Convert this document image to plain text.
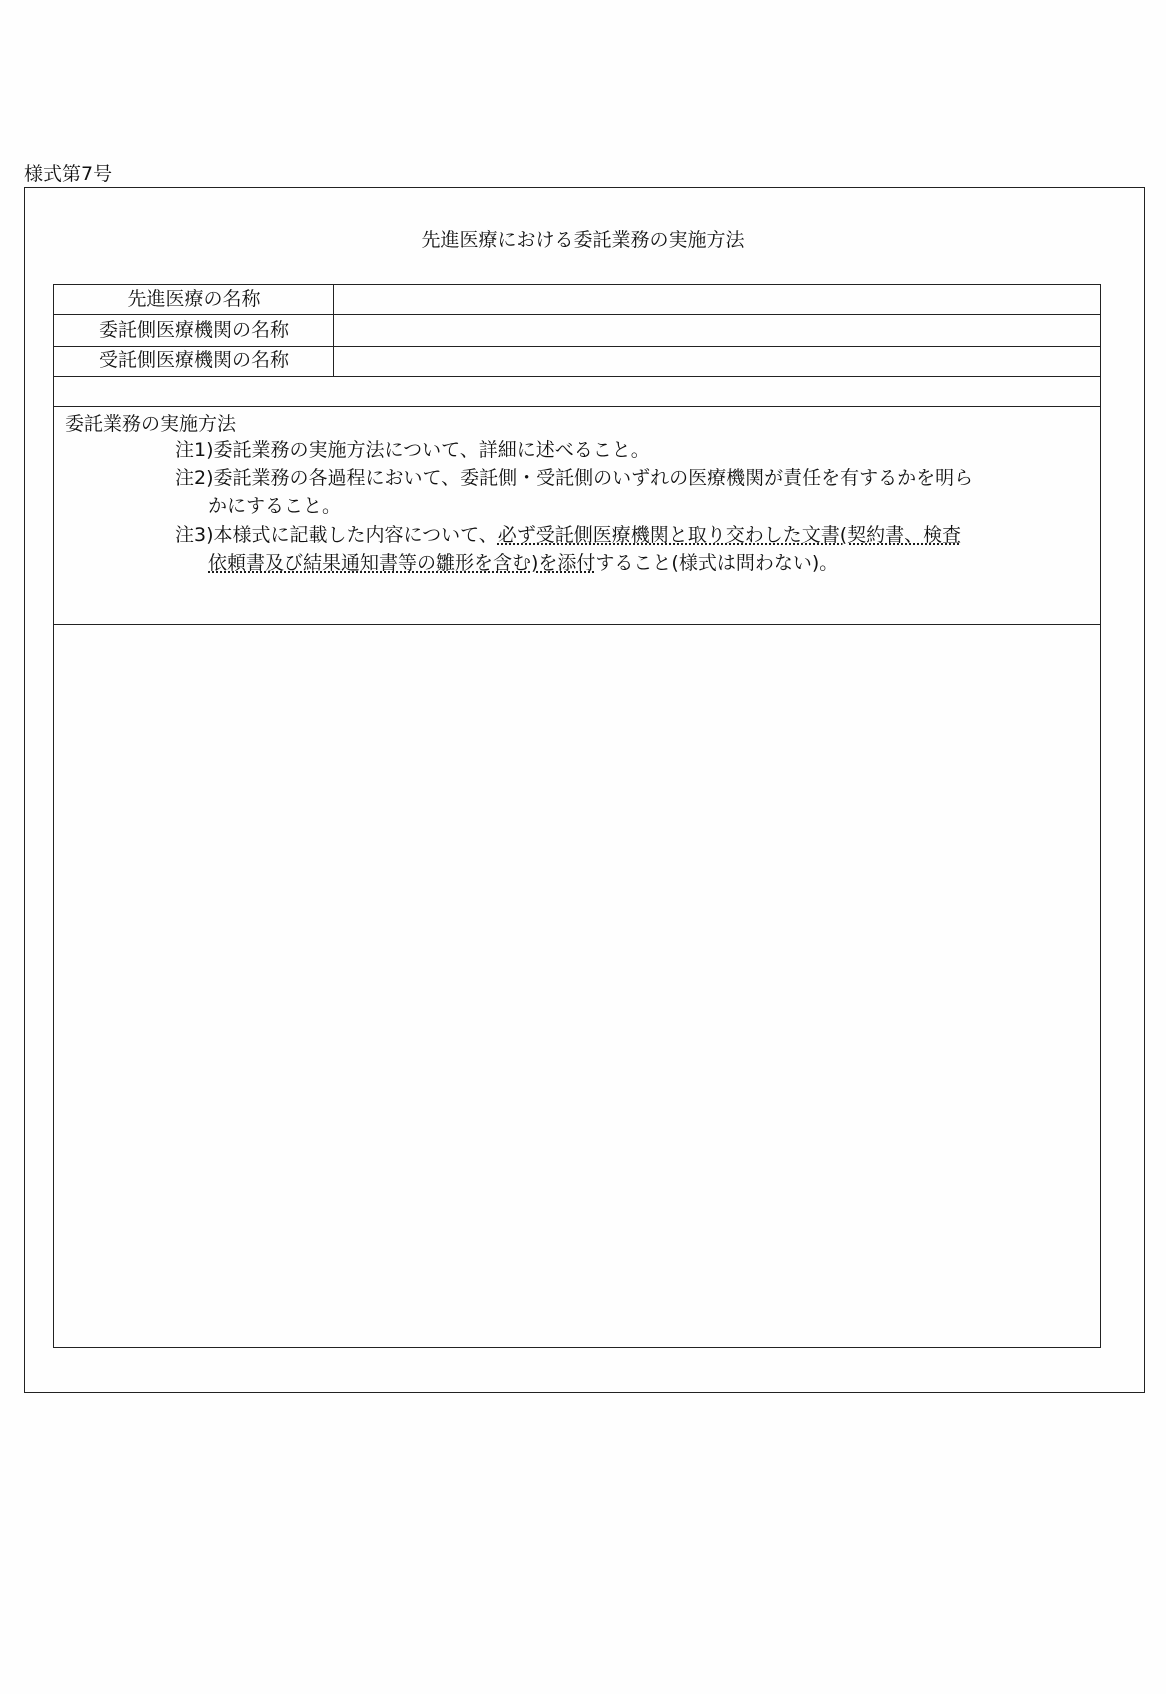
様式第7号
先進医療における委託業務の実施方法
先進医療の名称
委託側医療機関の名称
受託側医療機関の名称
委託業務の実施方法
注1)委託業務の実施方法について、詳細に述べること。
注2)委託業務の各過程において、委託側・受託側のいずれの医療機関が責任を有するかを明ら
かにすること。
注3)本様式に記載した内容について、必ず受託側医療機関と取り交わした文書(契約書、検査
依頼書及び結果通知書等の雛形を含む)を添付すること(様式は問わない)。
